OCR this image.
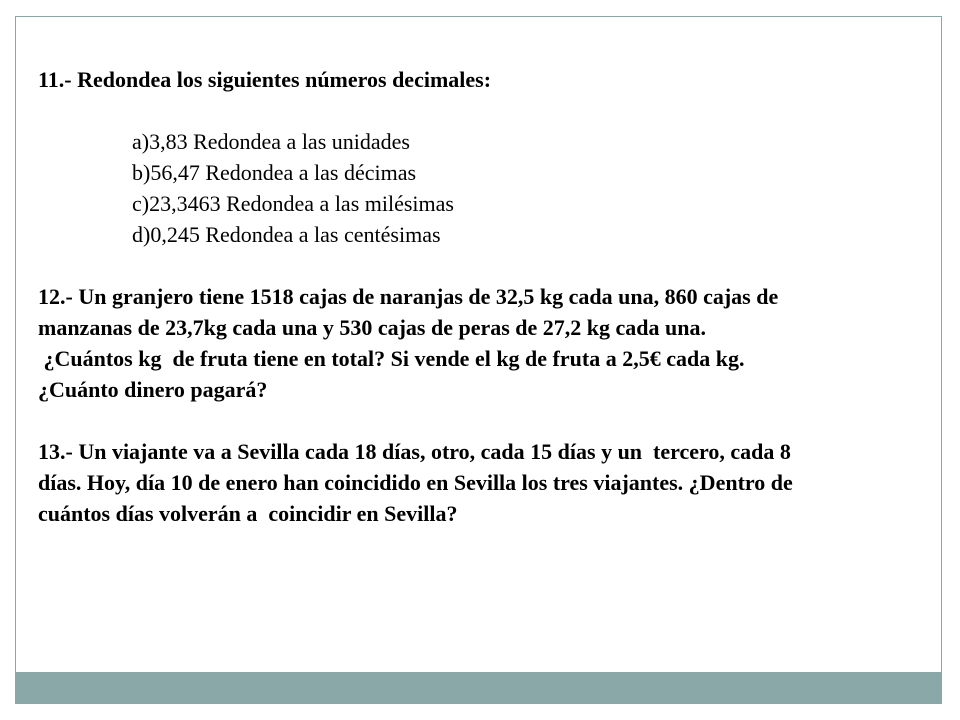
11.- Redondea los siguientes números decimales:

a)3,83 Redondea a las unidades

b)56,47 Redondea a las décimas

c)23,3463 Redondea a las milésimas

d)0,245 Redondea a las centésimas

12.- Un granjero tiene 1518 cajas de naranjas de 32,5 kg cada una, 860 cajas de

manzanas de 23,7kg cada una y 530 cajas de peras de 27,2 kg cada una.

¿Cuántos kg  de fruta tiene en total? Si vende el kg de fruta a 2,5€ cada kg.

¿Cuánto dinero pagará?

13.- Un viajante va a Sevilla cada 18 días, otro, cada 15 días y un  tercero, cada 8

días. Hoy, día 10 de enero han coincidido en Sevilla los tres viajantes. ¿Dentro de

cuántos días volverán a  coincidir en Sevilla?
